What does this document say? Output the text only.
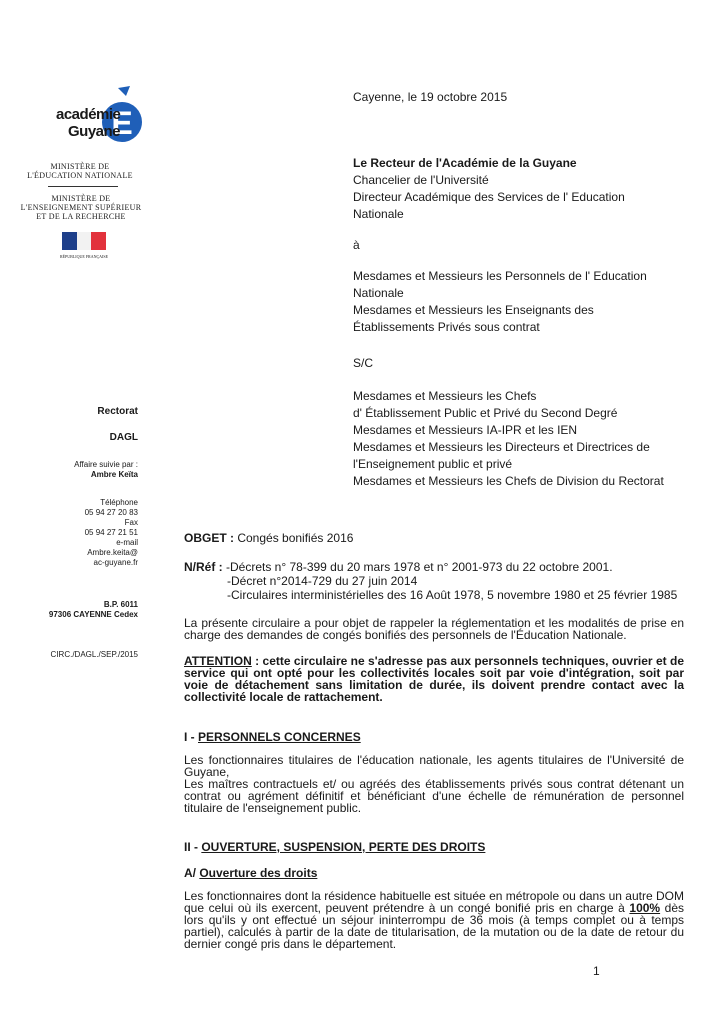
E
académie
Guyane
MINISTÈRE DE
L'ÉDUCATION NATIONALE
MINISTÈRE DE
L'ENSEIGNEMENT SUPÉRIEUR
ET DE LA RECHERCHE
RÉPUBLIQUE FRANÇAISE
Cayenne, le 19 octobre 2015
Le Recteur de l'Académie de la Guyane
Chancelier de l'Université
Directeur Académique des Services de l' Education
Nationale
à
Mesdames et Messieurs les Personnels de l' Education
Nationale
Mesdames et Messieurs les Enseignants des
Établissements Privés sous contrat
S/C
Mesdames et Messieurs les Chefs
d' Établissement Public et Privé du Second Degré
Mesdames et Messieurs IA-IPR et les IEN
Mesdames et Messieurs les Directeurs et Directrices de
l'Enseignement public et privé
Mesdames et Messieurs les Chefs de Division du Rectorat
Rectorat
DAGL
Affaire suivie par :
Ambre Keïta
Téléphone
05 94 27 20 83
Fax
05 94 27 21 51
e-mail
Ambre.keita@
ac-guyane.fr
B.P. 6011
97306 CAYENNE Cedex
CIRC./DAGL./SEP./2015
OBGET : Congés bonifiés 2016
N/Réf : -Décrets n° 78-399 du 20 mars 1978 et n° 2001-973 du 22 octobre 2001.
-Décret n°2014-729 du 27 juin 2014
-Circulaires interministérielles des 16 Août 1978, 5 novembre 1980 et 25 février 1985
La présente circulaire a pour objet de rappeler la réglementation et les modalités de prise en charge des demandes de congés bonifiés des personnels de l'Éducation Nationale.
ATTENTION : cette circulaire ne s'adresse pas aux personnels techniques, ouvrier et de service qui ont opté pour les collectivités locales soit par voie d'intégration, soit par voie de détachement sans limitation de durée, ils doivent prendre contact avec la collectivité locale de rattachement.
I - PERSONNELS CONCERNES
Les fonctionnaires titulaires de l'éducation nationale, les agents titulaires de l'Université de Guyane,
Les maîtres contractuels et/ ou agréés des établissements privés sous contrat détenant un contrat ou agrément définitif et bénéficiant d'une échelle de rémunération de personnel titulaire de l'enseignement public.
II - OUVERTURE, SUSPENSION, PERTE DES DROITS
A/ Ouverture des droits
Les fonctionnaires dont la résidence habituelle est située en métropole ou dans un autre DOM que celui où ils exercent, peuvent prétendre à un congé bonifié pris en charge à 100% dès lors qu'ils y ont effectué un séjour ininterrompu de 36 mois (à temps complet ou à temps partiel), calculés à partir de la date de titularisation, de la mutation ou de la date de retour du dernier congé pris dans le département.
1
